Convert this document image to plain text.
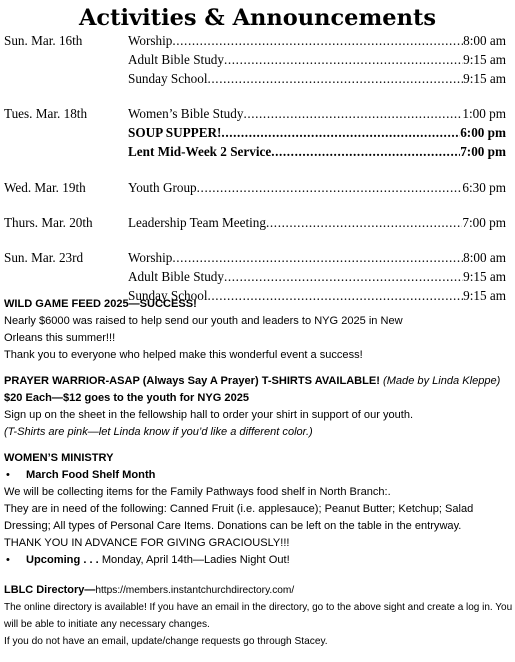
Activities & Announcements
Sun. Mar. 16th	Worship .....	8:00 am
Adult Bible Study .....	9:15 am
Sunday School .....	9:15 am
Tues. Mar. 18th	Women’s Bible Study .....	1:00 pm
SOUP SUPPER! .....	6:00 pm
Lent Mid-Week 2 Service .....	7:00 pm
Wed. Mar. 19th	Youth Group .....	6:30 pm
Thurs. Mar. 20th	Leadership Team Meeting .....	7:00 pm
Sun. Mar. 23rd	Worship .....	8:00 am
Adult Bible Study .....	9:15 am
Sunday School .....	9:15 am
WILD GAME FEED 2025—SUCCESS!
Nearly $6000 was raised to help send our youth and leaders to NYG 2025 in New
Orleans this summer!!!
Thank you to everyone who helped make this wonderful event a success!
PRAYER WARRIOR-ASAP (Always Say A Prayer) T-SHIRTS AVAILABLE! (Made by Linda Kleppe)
$20 Each—$12 goes to the youth for NYG 2025
Sign up on the sheet in the fellowship hall to order your shirt in support of our youth.
(T-Shirts are pink—let Linda know if you’d like a different color.)
WOMEN’S MINISTRY
•	March Food Shelf Month
We will be collecting items for the Family Pathways food shelf in North Branch:.
They are in need of the following: Canned Fruit (i.e. applesauce); Peanut Butter; Ketchup; Salad
Dressing; All types of Personal Care Items. Donations can be left on the table in the entryway.
THANK YOU IN ADVANCE FOR GIVING GRACIOUSLY!!!
•	Upcoming . . . Monday, April 14th—Ladies Night Out!
LBLC Directory—https://members.instantchurchdirectory.com/
The online directory is available! If you have an email in the directory, go to the above sight and create a log in. You
will be able to initiate any necessary changes.
If you do not have an email, update/change requests go through Stacey.
